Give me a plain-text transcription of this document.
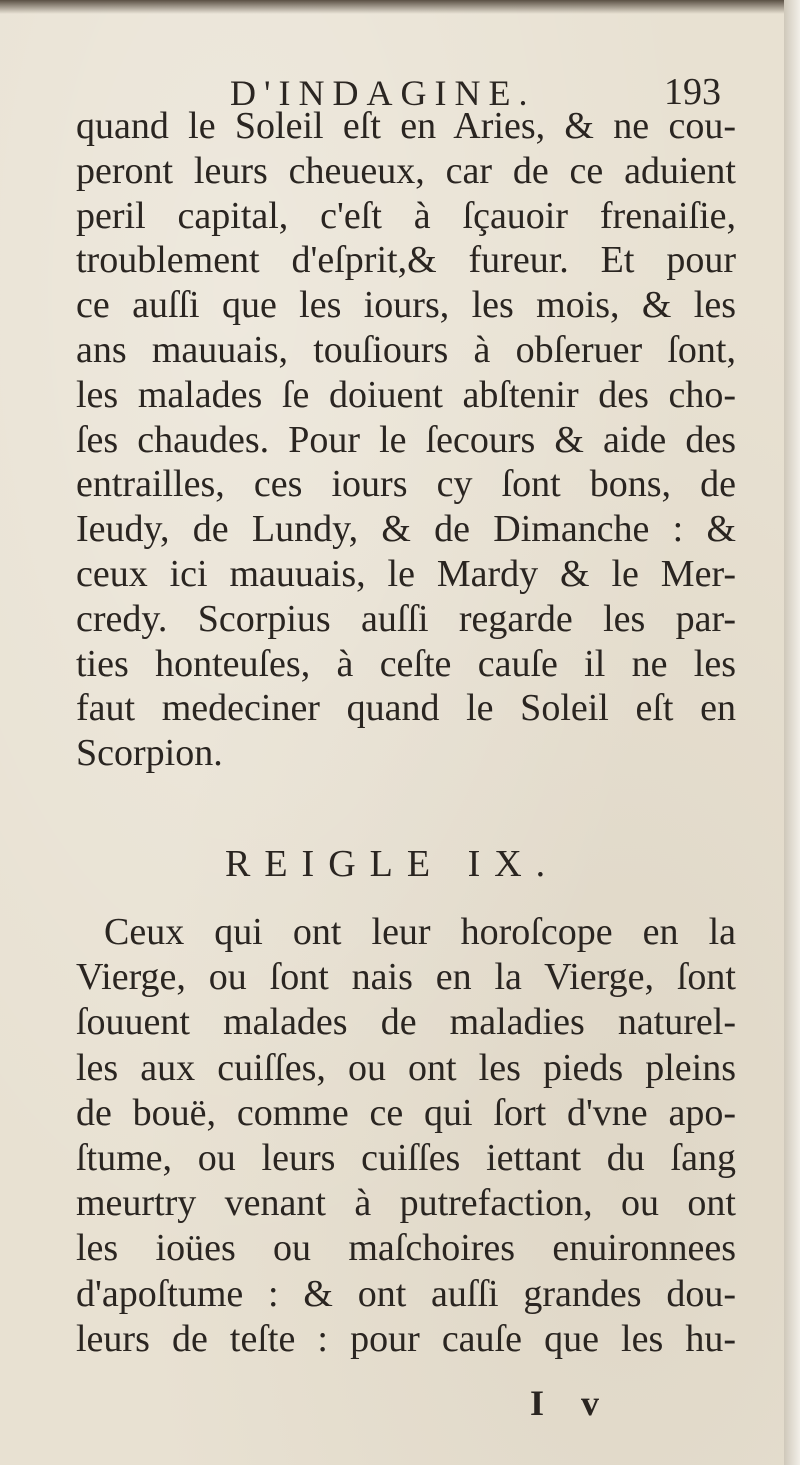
D'INDAGINE.	193
quand le Soleil eſt en Aries, & ne cou-
peront leurs cheueux, car de ce aduient
peril capital, c'eſt à ſçauoir frenaiſie,
troublement d'eſprit,& fureur. Et pour
ce auſſi que les iours, les mois, & les
ans mauuais, touſiours à obſeruer ſont,
les malades ſe doiuent abſtenir des cho-
ſes chaudes. Pour le ſecours & aide des
entrailles, ces iours cy ſont bons, de
Ieudy, de Lundy, & de Dimanche : &
ceux ici mauuais, le Mardy & le Mer-
credy. Scorpius auſſi regarde les par-
ties honteuſes, à ceſte cauſe il ne les
faut medeciner quand le Soleil eſt en
Scorpion.
REIGLE IX.
Ceux qui ont leur horoſcope en la
Vierge, ou ſont nais en la Vierge, ſont
ſouuent malades de maladies naturel-
les aux cuiſſes, ou ont les pieds pleins
de bouë, comme ce qui ſort d'vne apo-
ſtume, ou leurs cuiſſes iettant du ſang
meurtry venant à putrefaction, ou ont
les ioües ou maſchoires enuironnees
d'apoſtume : & ont auſſi grandes dou-
leurs de teſte : pour cauſe que les hu-
I v
